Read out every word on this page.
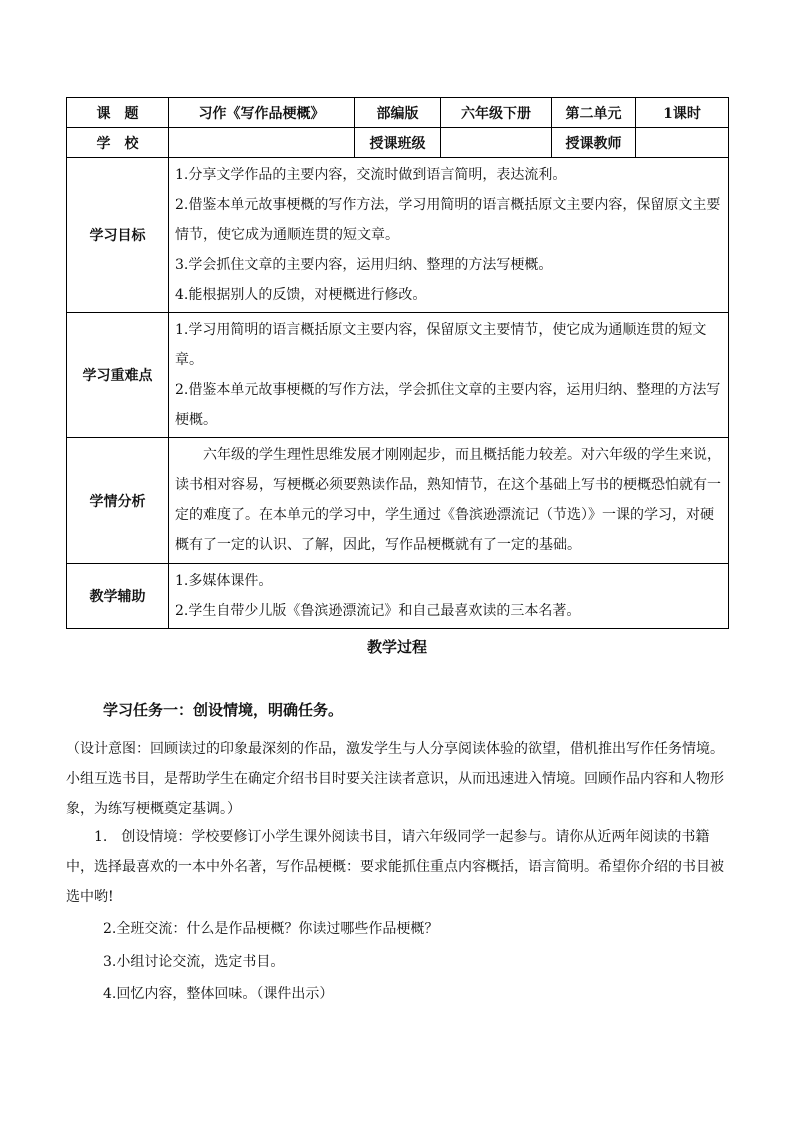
课　题	习作《写作品梗概》	部编版	六年级下册	第二单元	1课时
学　校		授课班级		授课教师	
学习目标	1.分享文学作品的主要内容，交流时做到语言简明，表达流利。

2.借鉴本单元故事梗概的写作方法，学习用简明的语言概括原文主要内容，保留原文主要情节，使它成为通顺连贯的短文章。

3.学会抓住文章的主要内容，运用归纳、整理的方法写梗概。

4.能根据别人的反馈，对梗概进行修改。				

学习重难点	1.学习用简明的语言概括原文主要内容，保留原文主要情节，使它成为通顺连贯的短文章。

2.借鉴本单元故事梗概的写作方法，学会抓住文章的主要内容，运用归纳、整理的方法写梗概。				

学情分析	六年级的学生理性思维发展才刚刚起步，而且概括能力较差。对六年级的学生来说，读书相对容易，写梗概必须要熟读作品，熟知情节，在这个基础上写书的梗概恐怕就有一定的难度了。在本单元的学习中，学生通过《鲁滨逊漂流记（节选）》一课的学习，对硬概有了一定的认识、了解，因此，写作品梗概就有了一定的基础。				

教学辅助	1.多媒体课件。

2.学生自带少儿版《鲁滨逊漂流记》和自己最喜欢读的三本名著。				

教学过程
学习任务一：创设情境，明确任务。

（设计意图：回顾读过的印象最深刻的作品，激发学生与人分享阅读体验的欲望，借机推出写作任务情境。小组互选书目，是帮助学生在确定介绍书目时要关注读者意识，从而迅速进入情境。回顾作品内容和人物形象，为练写梗概奠定基调。）

1.　创设情境：学校要修订小学生课外阅读书目，请六年级同学一起参与。请你从近两年阅读的书籍中，选择最喜欢的一本中外名著，写作品梗概：要求能抓住重点内容概括，语言简明。希望你介绍的书目被选中哟!

2.全班交流：什么是作品梗概？你读过哪些作品梗概？
3.小组讨论交流，选定书目。
4.回忆内容，整体回味。（课件出示）
